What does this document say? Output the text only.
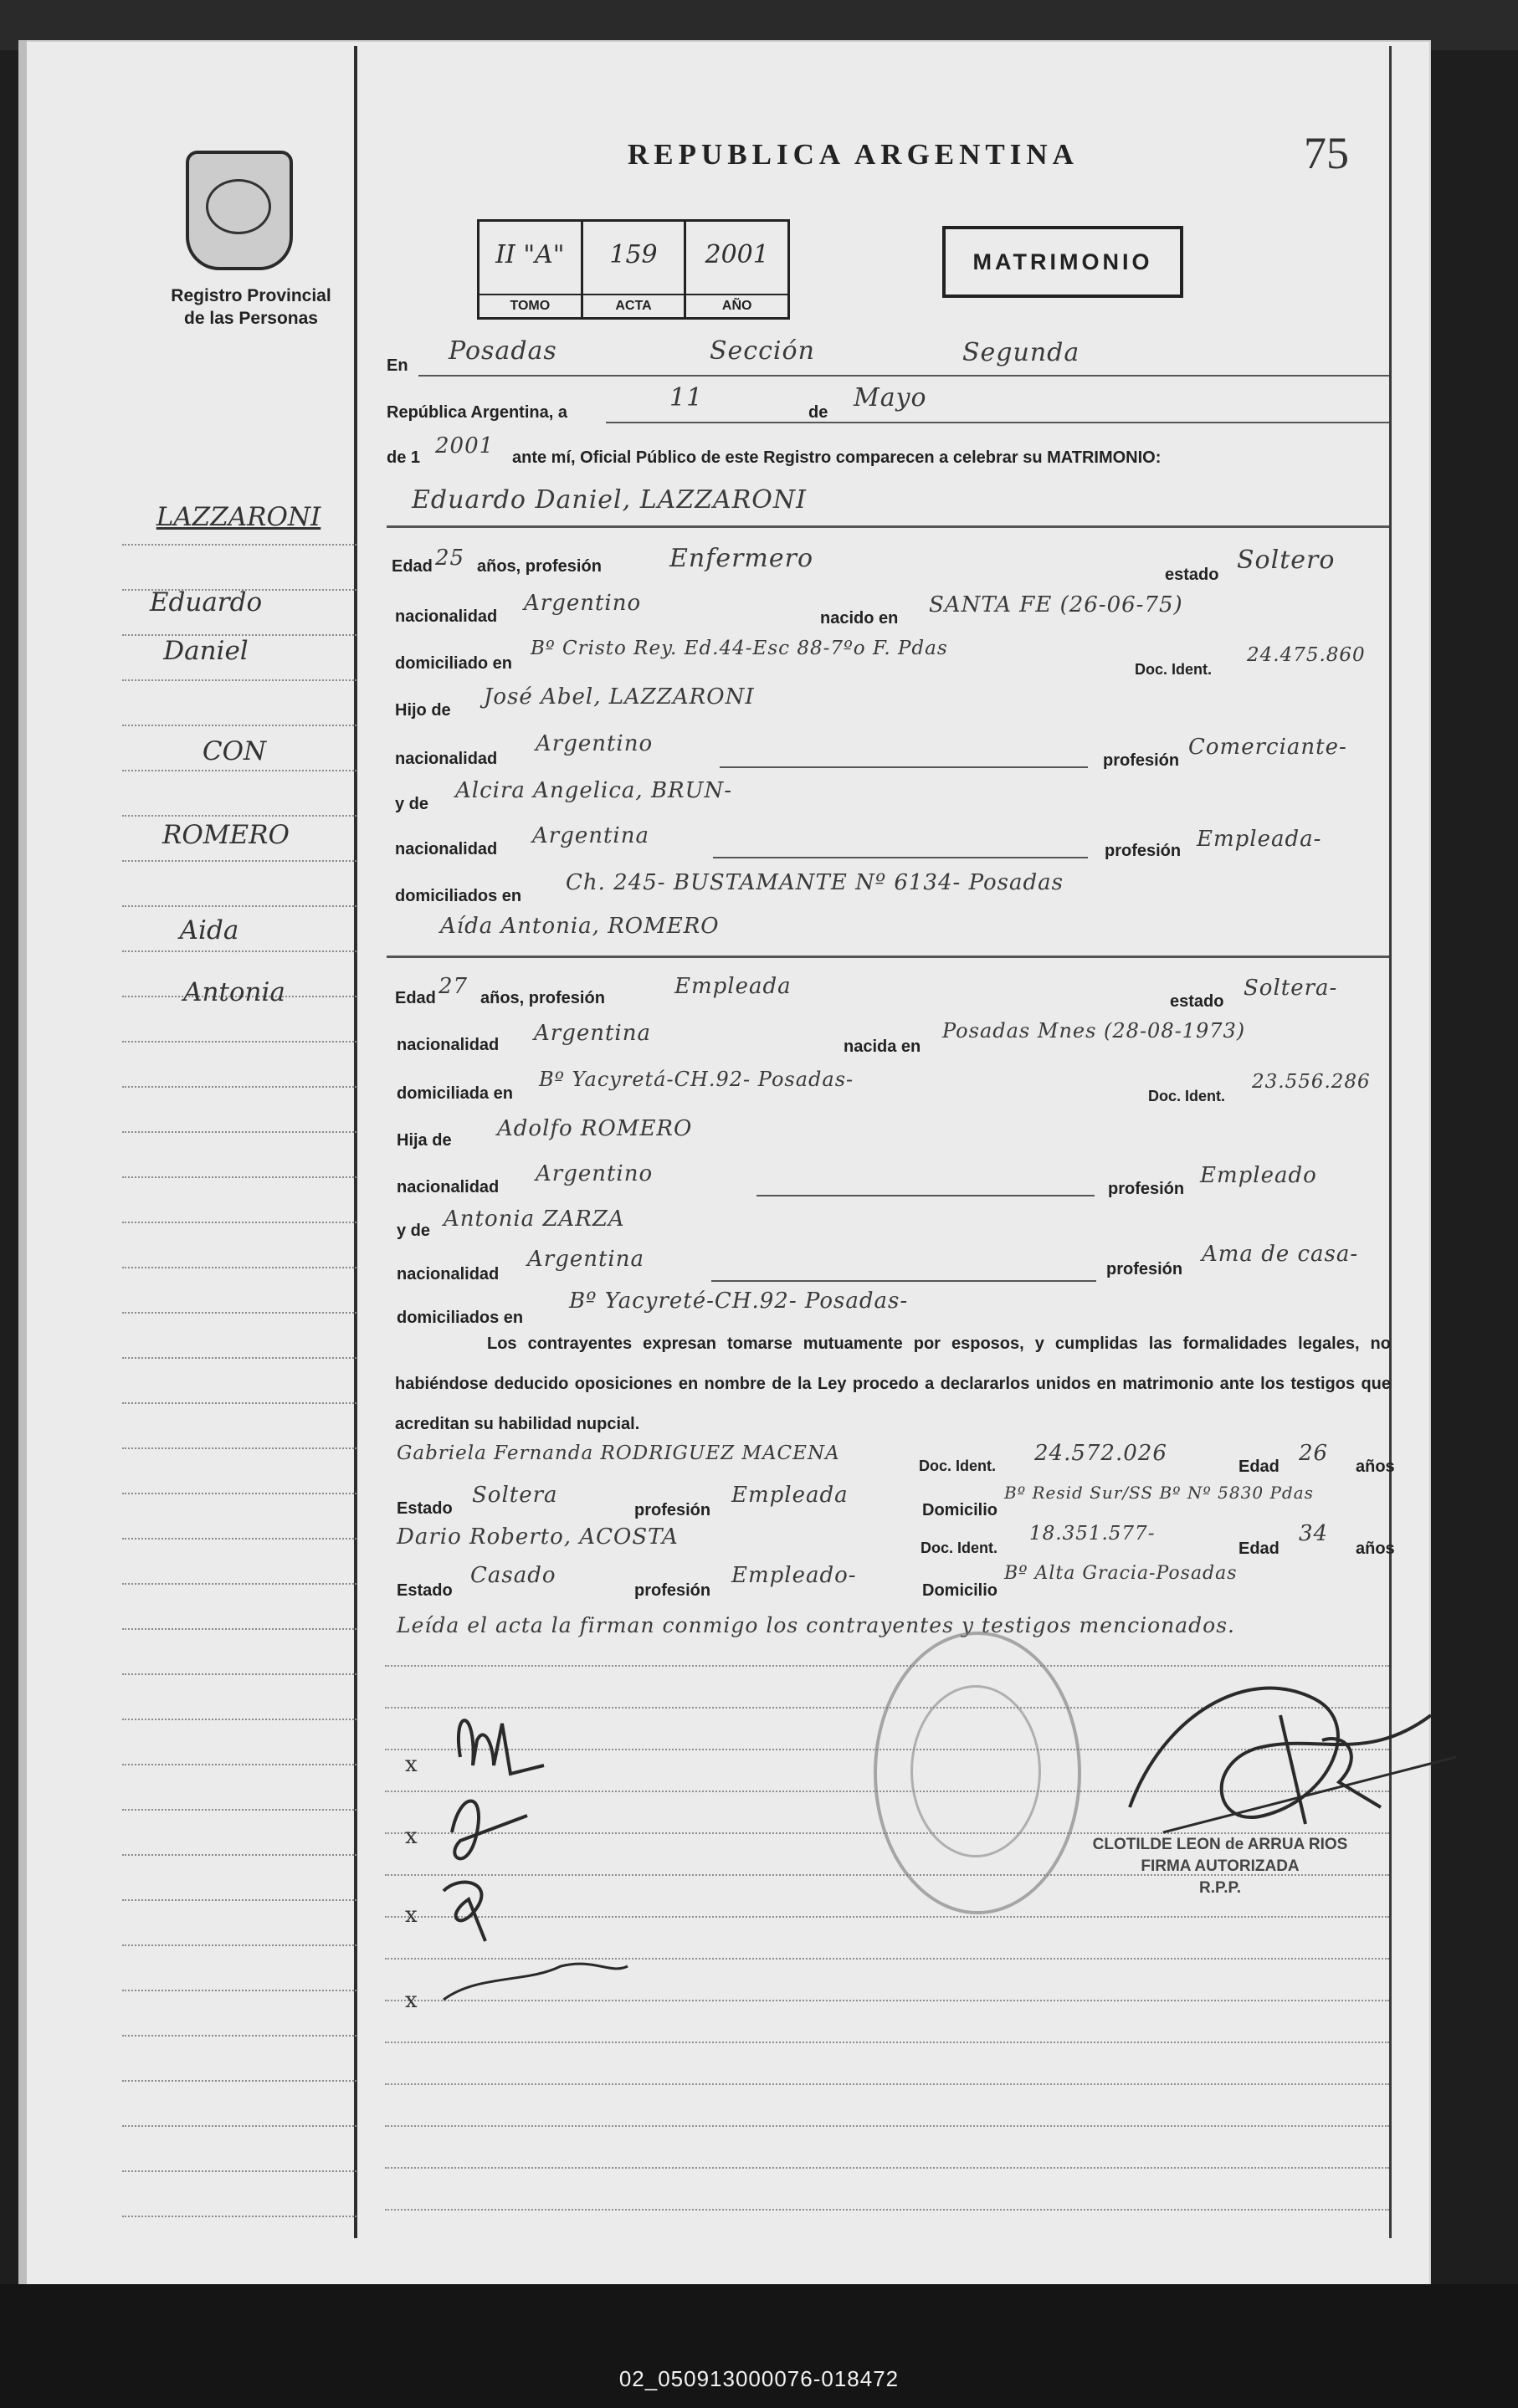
02_050913000076-018472
Registro Provincial
de las Personas
REPUBLICA ARGENTINA	75
II "A"
TOMO
159
ACTA
2001
AÑO
MATRIMONIO
LAZZARONI
Eduardo
Daniel
CON
ROMERO
Aida
Antonia
En Posadas	Sección	Segunda
República Argentina, a	11	de Mayo
de 1 2001 ante mí, Oficial Público de este Registro comparecen a celebrar su MATRIMONIO:
Eduardo Daniel, LAZZARONI
Edad 25 años, profesión	Enfermero
estado Soltero
nacionalidad
Argentino
nacido en
SANTA FE (26-06-75)
domiciliado en
Bº Cristo Rey. Ed.44-Esc 88-7ºo F. Pdas
Doc. Ident.
24.475.860
Hijo de
José Abel, LAZZARONI
nacionalidad
Argentino
profesión
Comerciante-
y de
Alcira Angelica, BRUN-
nacionalidad
Argentina
profesión Empleada-
domiciliados en
Ch. 245- BUSTAMANTE Nº 6134- Posadas
Aída Antonia, ROMERO
Edad 27 años, profesión	Empleada
estado
Soltera-
nacionalidad Argentina
nacida en
Posadas Mnes (28-08-1973)
domiciliada en
Bº Yacyretá-CH.92- Posadas-
Doc. Ident.
23.556.286
Hija de Adolfo ROMERO
nacionalidad
Argentino
profesión
Empleado
y de Antonia ZARZA
nacionalidad
Argentina	profesión
Ama de casa-
domiciliados en
Bº Yacyreté-CH.92- Posadas-
Los contrayentes expresan tomarse mutuamente por esposos, y cumplidas las formalidades legales, no habiéndose deducido oposiciones en nombre de la Ley procedo a declararlos unidos en matrimonio ante los testigos que acreditan su habilidad nupcial.
Gabriela Fernanda RODRIGUEZ MACENA
Doc. Ident. 24.572.026
Edad
26
años
Estado
Soltera
profesión
Empleada
Domicilio
Bº Resid Sur/SS Bº Nº 5830 Pdas
Dario Roberto, ACOSTA	Doc. Ident.
18.351.577-
Edad
34
años
Estado
Casado
profesión
Empleado-
Domicilio
Bº Alta Gracia-Posadas
Leída el acta la firman conmigo los contrayentes y testigos mencionados.
CLOTILDE LEON de ARRUA RIOS
FIRMA AUTORIZADA
R.P.P.
x
x
x
x
